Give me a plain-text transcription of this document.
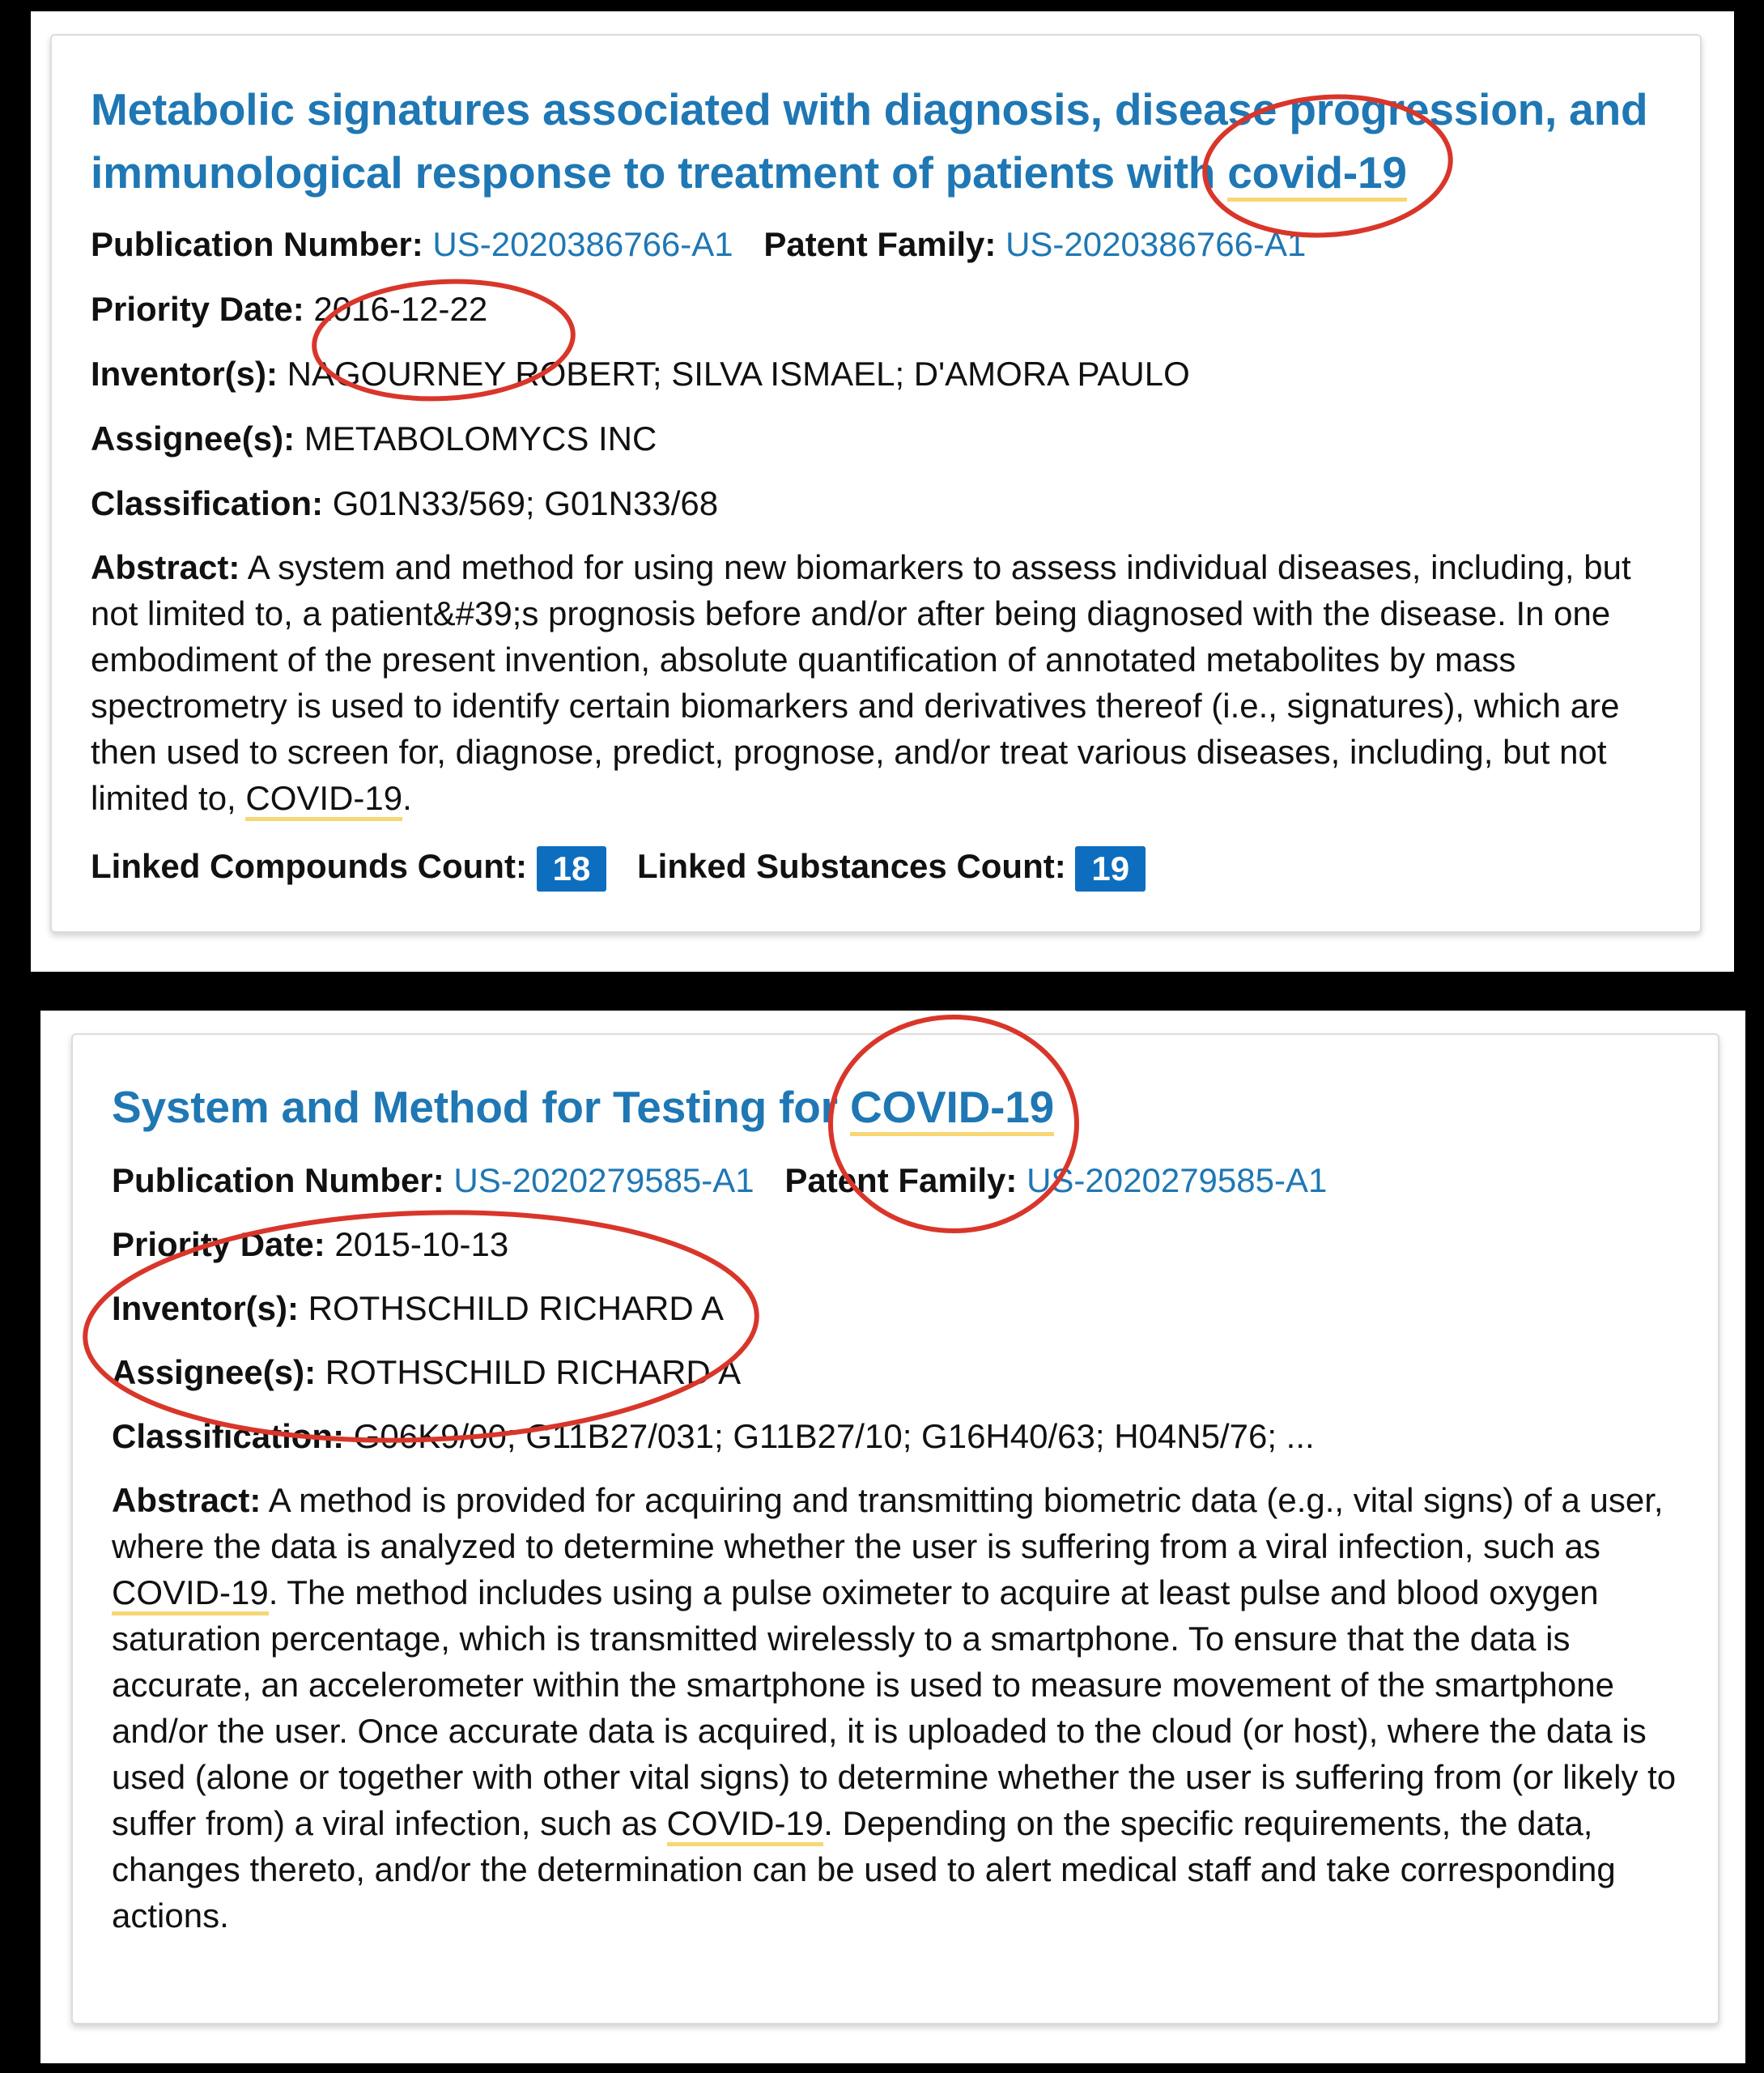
Metabolic signatures associated with diagnosis, disease progression, and immunological response to treatment of patients with covid-19

Publication Number: US-2020386766-A1 Patent Family: US-2020386766-A1

Priority Date: 2016-12-22

Inventor(s): NAGOURNEY ROBERT; SILVA ISMAEL; D'AMORA PAULO

Assignee(s): METABOLOMYCS INC

Classification: G01N33/569; G01N33/68

Abstract: A system and method for using new biomarkers to assess individual diseases, including, but not limited to, a patient&#39;s prognosis before and/or after being diagnosed with the disease. In one embodiment of the present invention, absolute quantification of annotated metabolites by mass spectrometry is used to identify certain biomarkers and derivatives thereof (i.e., signatures), which are then used to screen for, diagnose, predict, prognose, and/or treat various diseases, including, but not limited to, COVID-19.

Linked Compounds Count: 18 Linked Substances Count: 19

System and Method for Testing for COVID-19

Publication Number: US-2020279585-A1 Patent Family: US-2020279585-A1

Priority Date: 2015-10-13

Inventor(s): ROTHSCHILD RICHARD A

Assignee(s): ROTHSCHILD RICHARD A

Classification: G06K9/00; G11B27/031; G11B27/10; G16H40/63; H04N5/76; ...

Abstract: A method is provided for acquiring and transmitting biometric data (e.g., vital signs) of a user, where the data is analyzed to determine whether the user is suffering from a viral infection, such as COVID-19. The method includes using a pulse oximeter to acquire at least pulse and blood oxygen saturation percentage, which is transmitted wirelessly to a smartphone. To ensure that the data is accurate, an accelerometer within the smartphone is used to measure movement of the smartphone and/or the user. Once accurate data is acquired, it is uploaded to the cloud (or host), where the data is used (alone or together with other vital signs) to determine whether the user is suffering from (or likely to suffer from) a viral infection, such as COVID-19. Depending on the specific requirements, the data, changes thereto, and/or the determination can be used to alert medical staff and take corresponding actions.
